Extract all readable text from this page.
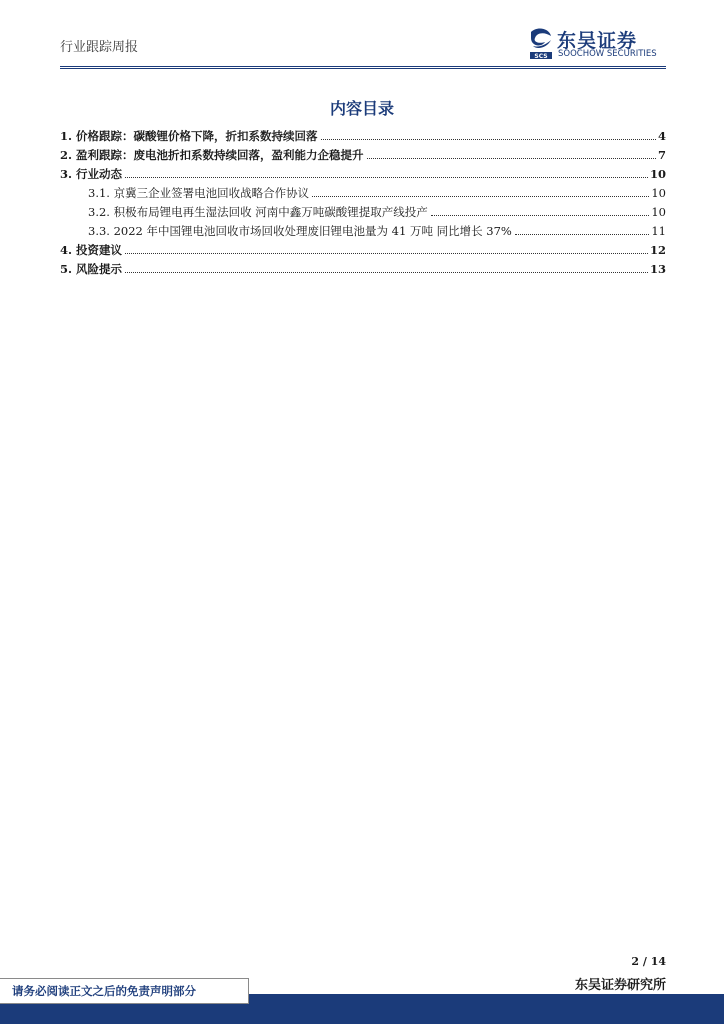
行业跟踪周报
SCS
东吴证券
SOOCHOW SECURITIES
内容目录
1. 价格跟踪：碳酸锂价格下降，折扣系数持续回落	4
2. 盈利跟踪：废电池折扣系数持续回落，盈利能力企稳提升	7
3. 行业动态	10
3.1. 京冀三企业签署电池回收战略合作协议	10
3.2. 积极布局锂电再生湿法回收 河南中鑫万吨碳酸锂提取产线投产	10
3.3. 2022 年中国锂电池回收市场回收处理废旧锂电池量为 41 万吨 同比增长 37%	11
4. 投资建议	12
5. 风险提示	13
2 / 14
东吴证券研究所
请务必阅读正文之后的免责声明部分
